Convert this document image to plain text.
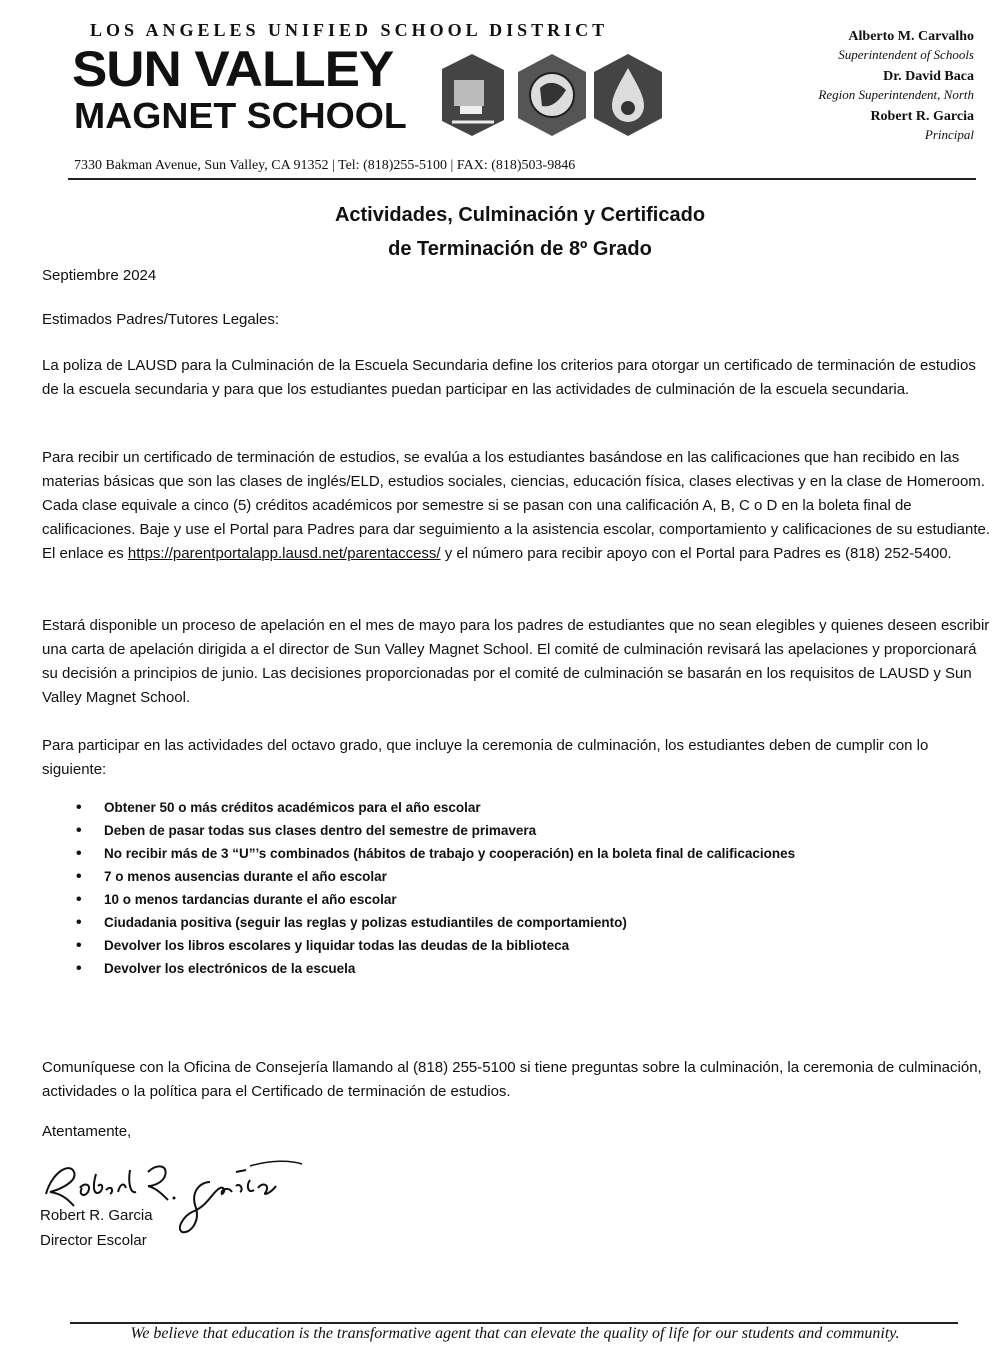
LOS ANGELES UNIFIED SCHOOL DISTRICT
SUN VALLEY
MAGNET SCHOOL
Alberto M. Carvalho
Superintendent of Schools
Dr. David Baca
Region Superintendent, North
Robert R. Garcia
Principal
7330 Bakman Avenue, Sun Valley, CA 91352 | Tel: (818)255-5100 | FAX: (818)503-9846
Actividades, Culminación y Certificado
de Terminación de 8º Grado
Septiembre 2024
Estimados Padres/Tutores Legales:
La poliza de LAUSD para la Culminación de la Escuela Secundaria define los criterios para otorgar un certificado de terminación de estudios de la escuela secundaria y para que los estudiantes puedan participar en las actividades de culminación de la escuela secundaria.
Para recibir un certificado de terminación de estudios, se evalúa a los estudiantes basándose en las calificaciones que han recibido en las materias básicas que son las clases de inglés/ELD, estudios sociales, ciencias, educación física, clases electivas y en la clase de Homeroom. Cada clase equivale a cinco (5) créditos académicos por semestre si se pasan con una calificación A, B, C o D en la boleta final de calificaciones. Baje y use el Portal para Padres para dar seguimiento a la asistencia escolar, comportamiento y calificaciones de su estudiante. El enlace es https://parentportalapp.lausd.net/parentaccess/ y el número para recibir apoyo con el Portal para Padres es (818) 252-5400.
Estará disponible un proceso de apelación en el mes de mayo para los padres de estudiantes que no sean elegibles y quienes deseen escribir una carta de apelación dirigida a el director de Sun Valley Magnet School. El comité de culminación revisará las apelaciones y proporcionará su decisión a principios de junio. Las decisiones proporcionadas por el comité de culminación se basarán en los requisitos de LAUSD y Sun Valley Magnet School.
Para participar en las actividades del octavo grado, que incluye la ceremonia de culminación, los estudiantes deben de cumplir con lo siguiente:
• Obtener 50 o más créditos académicos para el año escolar
• Deben de pasar todas sus clases dentro del semestre de primavera
• No recibir más de 3 “U”’s combinados (hábitos de trabajo y cooperación) en la boleta final de calificaciones
• 7 o menos ausencias durante el año escolar
• 10 o menos tardancias durante el año escolar
• Ciudadania positiva (seguir las reglas y polizas estudiantiles de comportamiento)
• Devolver los libros escolares y liquidar todas las deudas de la biblioteca
• Devolver los electrónicos de la escuela
Comuníquese con la Oficina de Consejería llamando al (818) 255-5100 si tiene preguntas sobre la culminación, la ceremonia de culminación, actividades o la política para el Certificado de terminación de estudios.
Atentamente,
Robert R. Garcia
Director Escolar
We believe that education is the transformative agent that can elevate the quality of life for our students and community.
